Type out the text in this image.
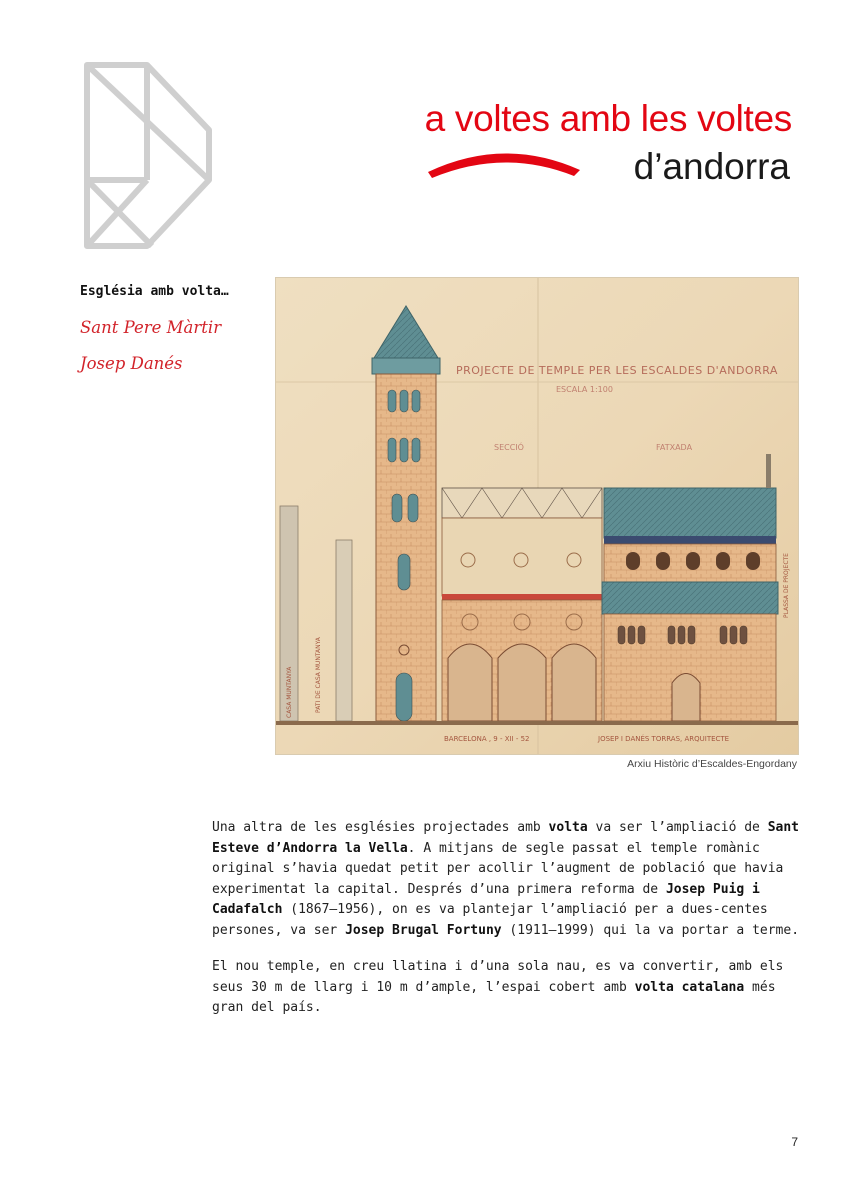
a voltes amb les voltes
d’andorra
Església amb volta…
Sant Pere Màrtir
Josep Danés	PROJECTE DE TEMPLE PER LES ESCALDES D'ANDORRA
ESCALA 1:100
SECCIÓ	FATXADA
CASA MUNTANYA	PATI DE CASA MUNTANYA
PLASSA DE PROJECTE
BARCELONA , 9 - XII - 52	JOSEP I DANÉS TORRAS, ARQUITECTE
Arxiu Històric d’Escaldes-Engordany

Una altra de les esglésies projectades amb volta va ser l’ampliació de Sant Esteve d’Andorra la Vella. A mitjans de segle passat el temple romànic original s’havia quedat petit per acollir l’augment de població que havia experimentat la capital. Després d’una primera reforma de Josep Puig i Cadafalch (1867–1956), on es va plantejar l’ampliació per a dues-centes persones, va ser Josep Brugal Fortuny (1911–1999) qui la va portar a terme.

El nou temple, en creu llatina i d’una sola nau, es va convertir, amb els seus 30 m de llarg i 10 m d’ample, l’espai cobert amb volta catalana més gran del país.

7
